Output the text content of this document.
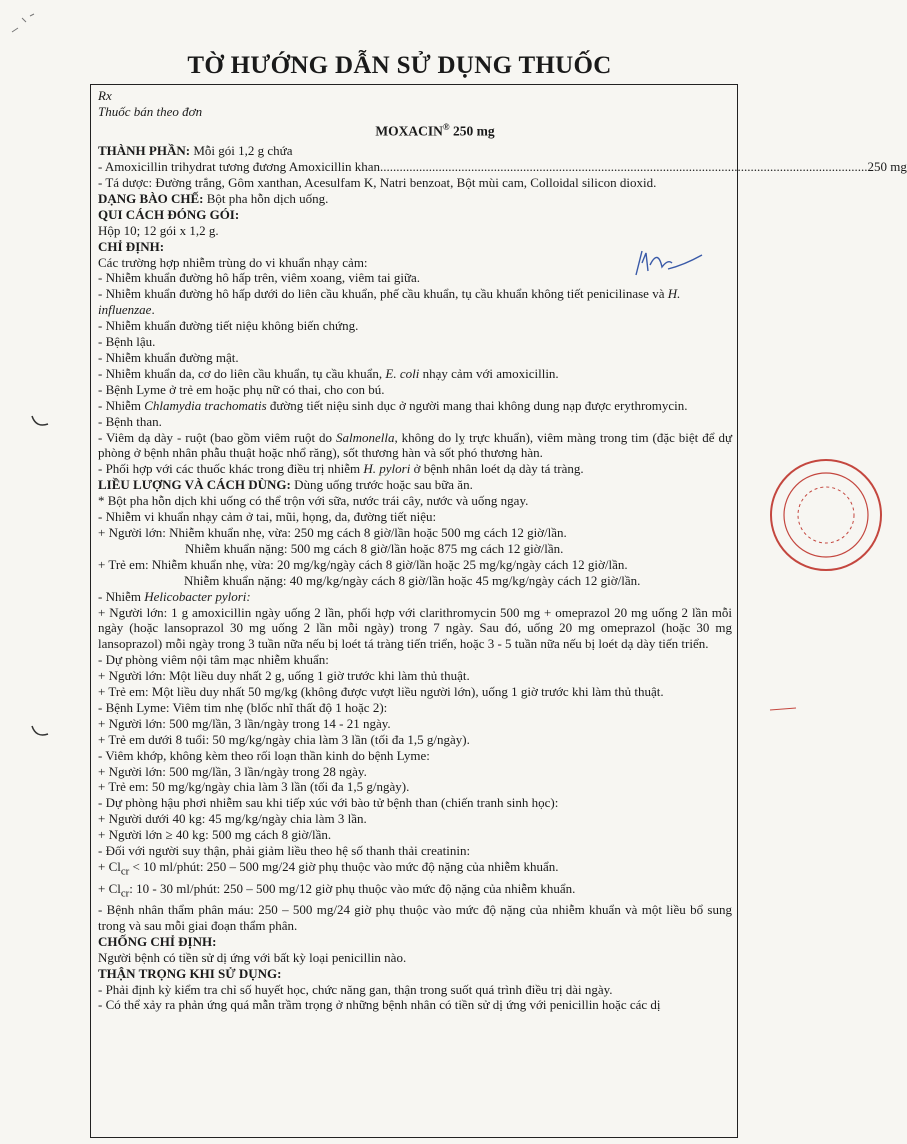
TỜ HƯỚNG DẪN SỬ DỤNG THUỐC

Rx

Thuốc bán theo đơn

MOXACIN® 250 mg

THÀNH PHẦN: Mỗi gói 1,2 g chứa

- Amoxicillin trihydrat tương đương Amoxicillin khan ...................................................................................................................................................... 250 mg

- Tá dược: Đường trắng, Gôm xanthan, Acesulfam K, Natri benzoat, Bột mùi cam, Colloidal silicon dioxid.

DẠNG BÀO CHẾ: Bột pha hỗn dịch uống.

QUI CÁCH ĐÓNG GÓI:

Hộp 10; 12 gói x 1,2 g.

CHỈ ĐỊNH:

Các trường hợp nhiễm trùng do vi khuẩn nhạy cảm:

- Nhiễm khuẩn đường hô hấp trên, viêm xoang, viêm tai giữa.

- Nhiễm khuẩn đường hô hấp dưới do liên cầu khuẩn, phế cầu khuẩn, tụ cầu khuẩn không tiết penicilinase và H. influenzae.

- Nhiễm khuẩn đường tiết niệu không biến chứng.

- Bệnh lậu.

- Nhiễm khuẩn đường mật.

- Nhiễm khuẩn da, cơ do liên cầu khuẩn, tụ cầu khuẩn, E. coli nhạy cảm với amoxicillin.

- Bệnh Lyme ở trẻ em hoặc phụ nữ có thai, cho con bú.

- Nhiễm Chlamydia trachomatis đường tiết niệu sinh dục ở người mang thai không dung nạp được erythromycin.

- Bệnh than.

- Viêm dạ dày - ruột (bao gồm viêm ruột do Salmonella, không do lỵ trực khuẩn), viêm màng trong tim (đặc biệt để dự phòng ở bệnh nhân phẫu thuật hoặc nhổ răng), sốt thương hàn và sốt phó thương hàn.

- Phối hợp với các thuốc khác trong điều trị nhiễm H. pylori ở bệnh nhân loét dạ dày tá tràng.

LIỀU LƯỢNG VÀ CÁCH DÙNG: Dùng uống trước hoặc sau bữa ăn.

* Bột pha hỗn dịch khi uống có thể trộn với sữa, nước trái cây, nước và uống ngay.

- Nhiễm vi khuẩn nhạy cảm ở tai, mũi, họng, da, đường tiết niệu:

+ Người lớn: Nhiễm khuẩn nhẹ, vừa: 250 mg cách 8 giờ/lần hoặc 500 mg cách 12 giờ/lần.

Nhiễm khuẩn nặng: 500 mg cách 8 giờ/lần hoặc 875 mg cách 12 giờ/lần.

+ Trẻ em: Nhiễm khuẩn nhẹ, vừa: 20 mg/kg/ngày cách 8 giờ/lần hoặc 25 mg/kg/ngày cách 12 giờ/lần.

Nhiễm khuẩn nặng: 40 mg/kg/ngày cách 8 giờ/lần hoặc 45 mg/kg/ngày cách 12 giờ/lần.

- Nhiễm Helicobacter pylori:

+ Người lớn: 1 g amoxicillin ngày uống 2 lần, phối hợp với clarithromycin 500 mg + omeprazol 20 mg uống 2 lần mỗi ngày (hoặc lansoprazol 30 mg uống 2 lần mỗi ngày) trong 7 ngày. Sau đó, uống 20 mg omeprazol (hoặc 30 mg lansoprazol) mỗi ngày trong 3 tuần nữa nếu bị loét tá tràng tiến triển, hoặc 3 - 5 tuần nữa nếu bị loét dạ dày tiến triển.

- Dự phòng viêm nội tâm mạc nhiễm khuẩn:

+ Người lớn: Một liều duy nhất 2 g, uống 1 giờ trước khi làm thủ thuật.

+ Trẻ em: Một liều duy nhất 50 mg/kg (không được vượt liều người lớn), uống 1 giờ trước khi làm thủ thuật.

- Bệnh Lyme: Viêm tim nhẹ (blốc nhĩ thất độ 1 hoặc 2):

+ Người lớn: 500 mg/lần, 3 lần/ngày trong 14 - 21 ngày.

+ Trẻ em dưới 8 tuổi: 50 mg/kg/ngày chia làm 3 lần (tối đa 1,5 g/ngày).

- Viêm khớp, không kèm theo rối loạn thần kinh do bệnh Lyme:

+ Người lớn: 500 mg/lần, 3 lần/ngày trong 28 ngày.

+ Trẻ em: 50 mg/kg/ngày chia làm 3 lần (tối đa 1,5 g/ngày).

- Dự phòng hậu phơi nhiễm sau khi tiếp xúc với bào tử bệnh than (chiến tranh sinh học):

+ Người dưới 40 kg: 45 mg/kg/ngày chia làm 3 lần.

+ Người lớn ≥ 40 kg: 500 mg cách 8 giờ/lần.

- Đối với người suy thận, phải giảm liều theo hệ số thanh thải creatinin:

+ $Cl_{cr} < 10$ ml/phút: 250 – 500 mg/24 giờ phụ thuộc vào mức độ nặng của nhiễm khuẩn.

+ $Cl_{cr}$: 10 - 30 ml/phút: 250 – 500 mg/12 giờ phụ thuộc vào mức độ nặng của nhiễm khuẩn.

- Bệnh nhân thẩm phân máu: 250 – 500 mg/24 giờ phụ thuộc vào mức độ nặng của nhiễm khuẩn và một liều bổ sung trong và sau mỗi giai đoạn thẩm phân.

CHỐNG CHỈ ĐỊNH:

Người bệnh có tiền sử dị ứng với bất kỳ loại penicillin nào.

THẬN TRỌNG KHI SỬ DỤNG:

- Phải định kỳ kiểm tra chỉ số huyết học, chức năng gan, thận trong suốt quá trình điều trị dài ngày.

- Có thể xảy ra phản ứng quá mẫn trầm trọng ở những bệnh nhân có tiền sử dị ứng với penicillin hoặc các dị
